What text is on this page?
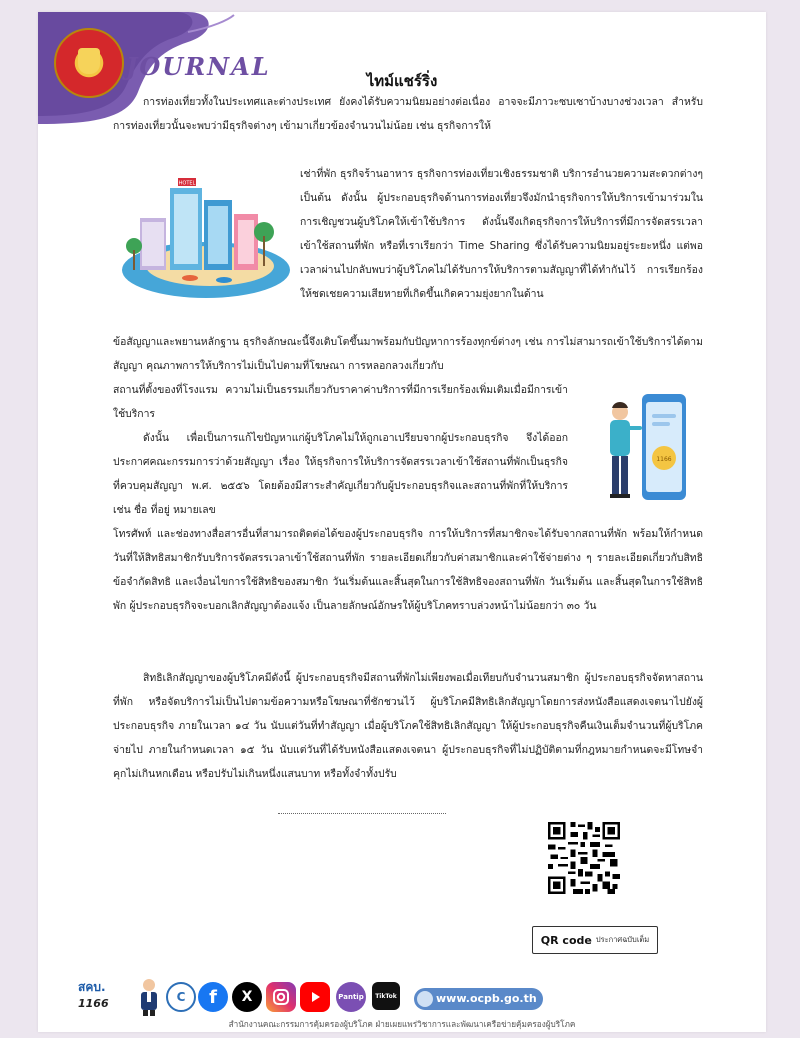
JOURNAL	ไทม์แชร์ริ่ง

การท่องเที่ยวทั้งในประเทศและต่างประเทศ ยังคงได้รับความนิยมอย่างต่อเนื่อง อาจจะมีภาวะซบเซาบ้างบางช่วงเวลา สำหรับการท่องเที่ยวนั้นจะพบว่ามีธุรกิจต่างๆ เข้ามาเกี่ยวข้องจำนวนไม่น้อย เช่น ธุรกิจการให้

เช่าที่พัก ธุรกิจร้านอาหาร ธุรกิจการท่องเที่ยวเชิงธรรมชาติ บริการอำนวยความสะดวกต่างๆ เป็นต้น ดังนั้น ผู้ประกอบธุรกิจด้านการท่องเที่ยวจึงมักนำธุรกิจการให้บริการเข้ามาร่วมในการเชิญชวนผู้บริโภคให้เข้าใช้บริการ ดังนั้นจึงเกิดธุรกิจการให้บริการที่มีการจัดสรรเวลาเข้าใช้สถานที่พัก หรือที่เราเรียกว่า Time Sharing ซึ่งได้รับความนิยมอยู่ระยะหนึ่ง แต่พอเวลาผ่านไปกลับพบว่าผู้บริโภคไม่ได้รับการให้บริการตามสัญญาที่ได้ทำกันไว้ การเรียกร้องให้ชดเชยความเสียหายที่เกิดขึ้นเกิดความยุ่งยากในด้าน

ข้อสัญญาและพยานหลักฐาน ธุรกิจลักษณะนี้จึงเติบโตขึ้นมาพร้อมกับปัญหาการร้องทุกข์ต่างๆ เช่น การไม่สามารถเข้าใช้บริการได้ตามสัญญา คุณภาพการให้บริการไม่เป็นไปตามที่โฆษณา การหลอกลวงเกี่ยวกับ

สถานที่ตั้งของที่โรงแรม ความไม่เป็นธรรมเกี่ยวกับราคาค่าบริการที่มีการเรียกร้องเพิ่มเติมเมื่อมีการเข้าใช้บริการ

HOTEL

ดังนั้น เพื่อเป็นการแก้ไขปัญหาแก่ผู้บริโภคไม่ให้ถูกเอาเปรียบจากผู้ประกอบธุรกิจ จึงได้ออกประกาศคณะกรรมการว่าด้วยสัญญา เรื่อง ให้ธุรกิจการให้บริการจัดสรรเวลาเข้าใช้สถานที่พักเป็นธุรกิจที่ควบคุมสัญญา พ.ศ. ๒๕๕๖ โดยต้องมีสาระสำคัญเกี่ยวกับผู้ประกอบธุรกิจและสถานที่พักที่ให้บริการ เช่น ชื่อ ที่อยู่ หมายเลข

โทรศัพท์ และช่องทางสื่อสารอื่นที่สามารถติดต่อได้ของผู้ประกอบธุรกิจ การให้บริการที่สมาชิกจะได้รับจากสถานที่พัก พร้อมให้กำหนดวันที่ให้สิทธิสมาชิกรับบริการจัดสรรเวลาเข้าใช้สถานที่พัก รายละเอียดเกี่ยวกับค่าสมาชิกและค่าใช้จ่ายต่าง ๆ รายละเอียดเกี่ยวกับสิทธิ ข้อจำกัดสิทธิ และเงื่อนไขการใช้สิทธิของสมาชิก วันเริ่มต้นและสิ้นสุดในการใช้สิทธิจองสถานที่พัก วันเริ่มต้น และสิ้นสุดในการใช้สิทธิพัก ผู้ประกอบธุรกิจจะบอกเลิกสัญญาต้องแจ้ง เป็นลายลักษณ์อักษรให้ผู้บริโภคทราบล่วงหน้าไม่น้อยกว่า ๓๐ วัน

1166

สิทธิเลิกสัญญาของผู้บริโภคมีดังนี้ ผู้ประกอบธุรกิจมีสถานที่พักไม่เพียงพอเมื่อเทียบกับจำนวนสมาชิก ผู้ประกอบธุรกิจจัดหาสถานที่พัก หรือจัดบริการไม่เป็นไปตามข้อความหรือโฆษณาที่ชักชวนไว้ ผู้บริโภคมีสิทธิเลิกสัญญาโดยการส่งหนังสือแสดงเจตนาไปยังผู้ประกอบธุรกิจ ภายในเวลา ๑๔ วัน นับแต่วันที่ทำสัญญา เมื่อผู้บริโภคใช้สิทธิเลิกสัญญา ให้ผู้ประกอบธุรกิจคืนเงินเต็มจำนวนที่ผู้บริโภคจ่ายไป ภายในกำหนดเวลา ๑๕ วัน นับแต่วันที่ได้รับหนังสือแสดงเจตนา ผู้ประกอบธุรกิจที่ไม่ปฏิบัติตามที่กฎหมายกำหนดจะมีโทษจำคุกไม่เกินหกเดือน หรือปรับไม่เกินหนึ่งแสนบาท หรือทั้งจำทั้งปรับ

QR code ประกาศฉบับเต็ม
สคบ.
1166	C	f	X	Pantip	TikTok	www.ocpb.go.th
สำนักงานคณะกรรมการคุ้มครองผู้บริโภค ฝ่ายเผยแพร่วิชาการและพัฒนาเครือข่ายคุ้มครองผู้บริโภค
